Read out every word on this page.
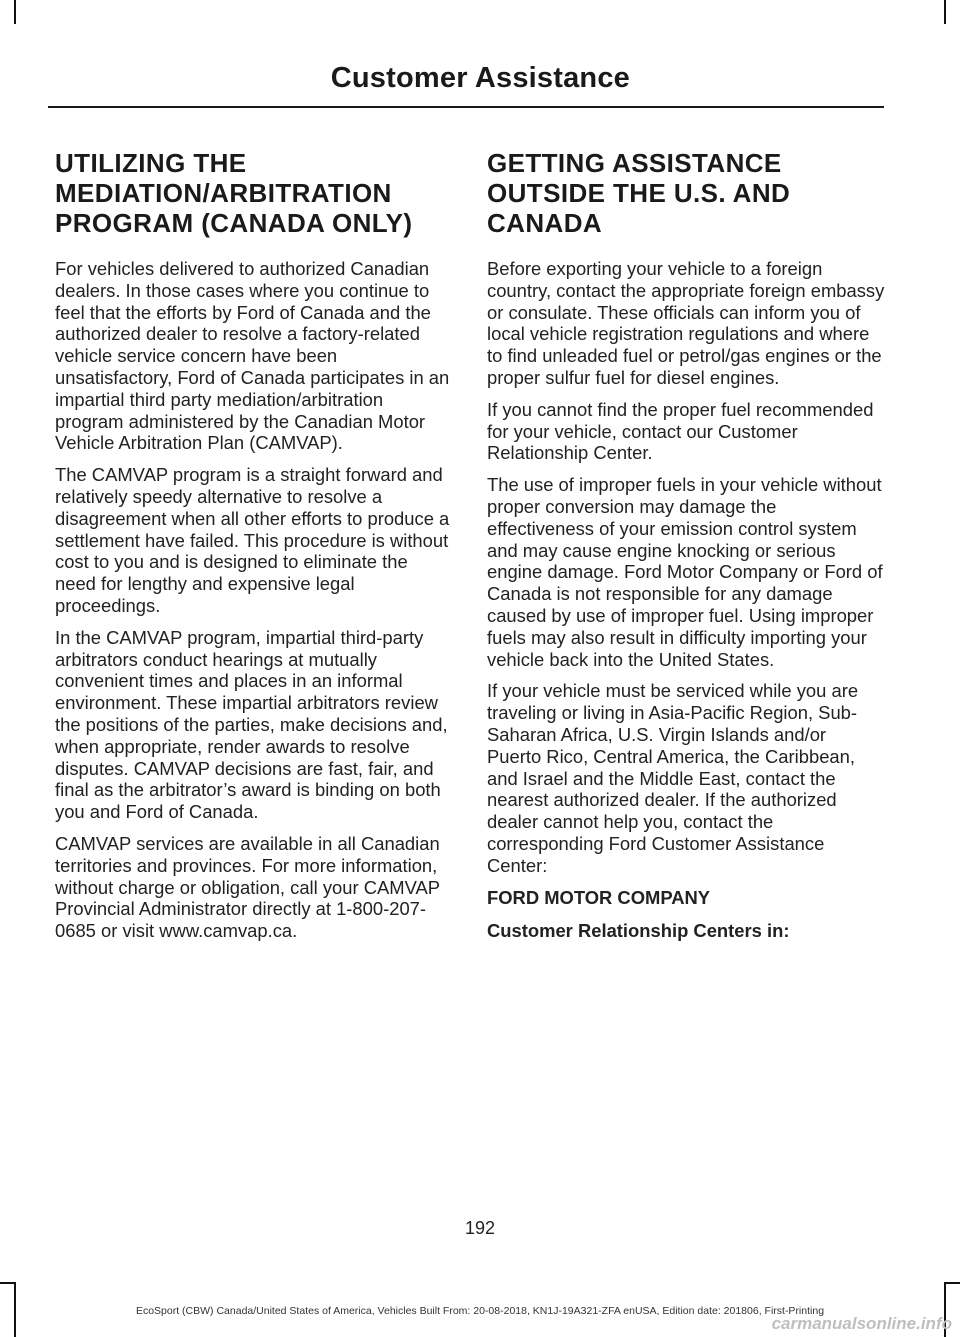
Customer Assistance
UTILIZING THE MEDIATION/ARBITRATION PROGRAM (CANADA ONLY)

For vehicles delivered to authorized Canadian dealers. In those cases where you continue to feel that the efforts by Ford of Canada and the authorized dealer to resolve a factory-related vehicle service concern have been unsatisfactory, Ford of Canada participates in an impartial third party mediation/arbitration program administered by the Canadian Motor Vehicle Arbitration Plan (CAMVAP).

The CAMVAP program is a straight forward and relatively speedy alternative to resolve a disagreement when all other efforts to produce a settlement have failed. This procedure is without cost to you and is designed to eliminate the need for lengthy and expensive legal proceedings.

In the CAMVAP program, impartial third-party arbitrators conduct hearings at mutually convenient times and places in an informal environment. These impartial arbitrators review the positions of the parties, make decisions and, when appropriate, render awards to resolve disputes. CAMVAP decisions are fast, fair, and final as the arbitrator’s award is binding on both you and Ford of Canada.

CAMVAP services are available in all Canadian territories and provinces. For more information, without charge or obligation, call your CAMVAP Provincial Administrator directly at 1-800-207-0685 or visit www.camvap.ca.

GETTING ASSISTANCE OUTSIDE THE U.S. AND CANADA

Before exporting your vehicle to a foreign country, contact the appropriate foreign embassy or consulate. These officials can inform you of local vehicle registration regulations and where to find unleaded fuel or petrol/gas engines or the proper sulfur fuel for diesel engines.

If you cannot find the proper fuel recommended for your vehicle, contact our Customer Relationship Center.

The use of improper fuels in your vehicle without proper conversion may damage the effectiveness of your emission control system and may cause engine knocking or serious engine damage. Ford Motor Company or Ford of Canada is not responsible for any damage caused by use of improper fuel. Using improper fuels may also result in difficulty importing your vehicle back into the United States.

If your vehicle must be serviced while you are traveling or living in Asia-Pacific Region, Sub-Saharan Africa, U.S. Virgin Islands and/or Puerto Rico, Central America, the Caribbean, and Israel and the Middle East, contact the nearest authorized dealer. If the authorized dealer cannot help you, contact the corresponding Ford Customer Assistance Center:

FORD MOTOR COMPANY

Customer Relationship Centers in:

192
EcoSport (CBW) Canada/United States of America, Vehicles Built From: 20-08-2018, KN1J-19A321-ZFA enUSA, Edition date: 201806, First-Printing
carmanualsonline.info
